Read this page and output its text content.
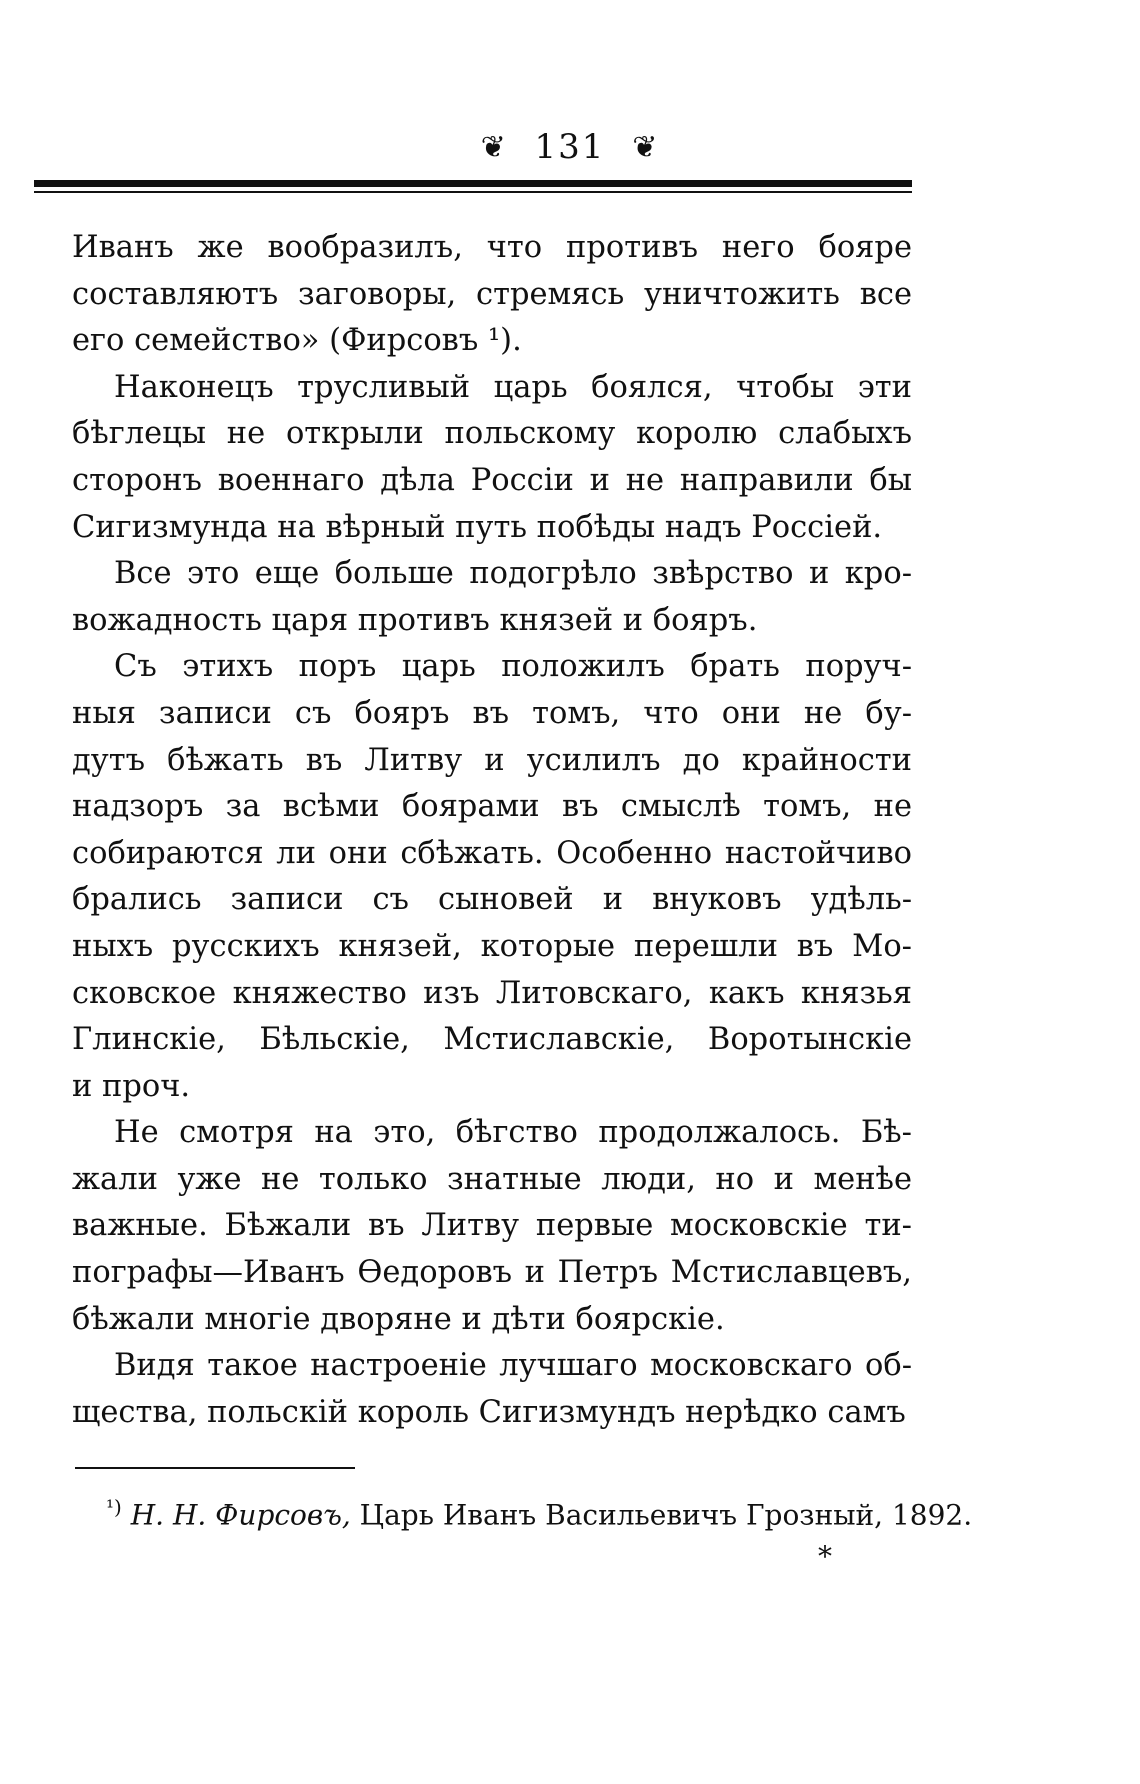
❦ 131 ❦
Иванъ же вообразилъ, что противъ него бояре
составляютъ заговоры, стремясь уничтожить все
его семейство» (Фирсовъ ¹).
Наконецъ трусливый царь боялся, чтобы эти
бѣглецы не открыли польскому королю слабыхъ
сторонъ военнаго дѣла Россiи и не направили бы
Сигизмунда на вѣрный путь побѣды надъ Россiей.
Все это еще больше подогрѣло звѣрство и кро-
вожадность царя противъ князей и бояръ.
Съ этихъ поръ царь положилъ брать поруч-
ныя записи съ бояръ въ томъ, что они не бу-
дутъ бѣжать въ Литву и усилилъ до крайности
надзоръ за всѣми боярами въ смыслѣ томъ, не
собираются ли они сбѣжать. Особенно настойчиво
брались записи съ сыновей и внуковъ удѣль-
ныхъ русскихъ князей, которые перешли въ Мо-
сковское княжество изъ Литовскаго, какъ князья
Глинскiе, Бѣльскiе, Мстиславскiе, Воротынскiе
и проч.
Не смотря на это, бѣгство продолжалось. Бѣ-
жали уже не только знатные люди, но и менѣе
важные. Бѣжали въ Литву первые московскiе ти-
пографы—Иванъ Ѳедоровъ и Петръ Мстиславцевъ,
бѣжали многiе дворяне и дѣти боярскiе.
Видя такое настроенiе лучшаго московскаго об-
щества, польскiй король Сигизмундъ нерѣдко самъ
$^{^1)}$ Н. Н. Фирсовъ, Царь Иванъ Васильевичъ Грозный, 1892.
*
